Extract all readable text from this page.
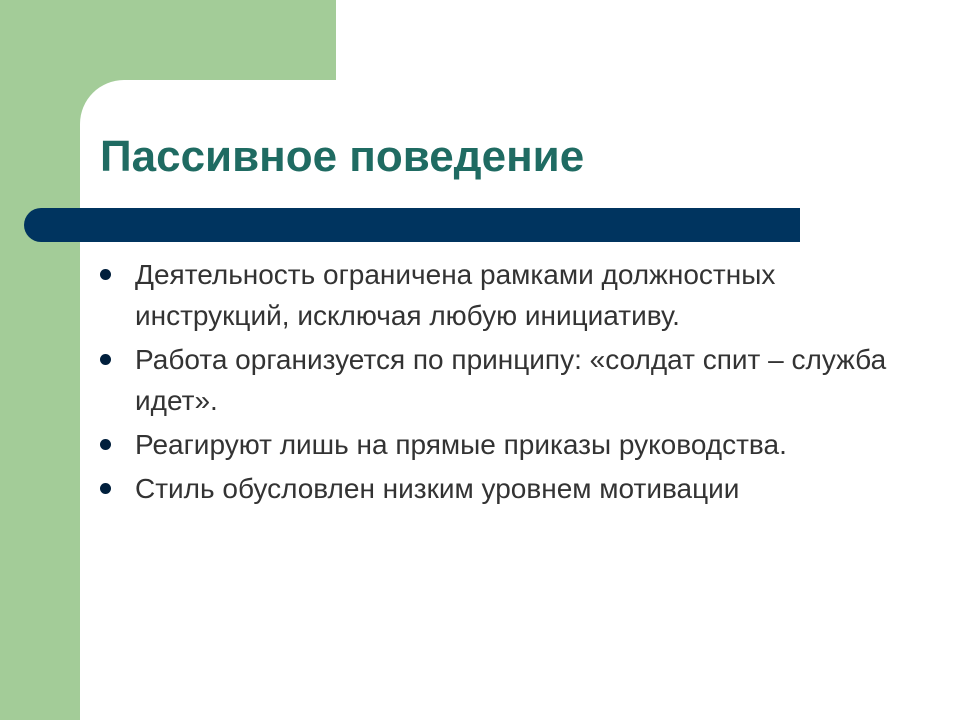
Пассивное поведение
Деятельность ограничена рамками должностных инструкций, исключая любую инициативу.
Работа организуется по принципу: «солдат спит – служба идет».
Реагируют лишь на прямые приказы руководства.
Стиль обусловлен низким уровнем мотивации
